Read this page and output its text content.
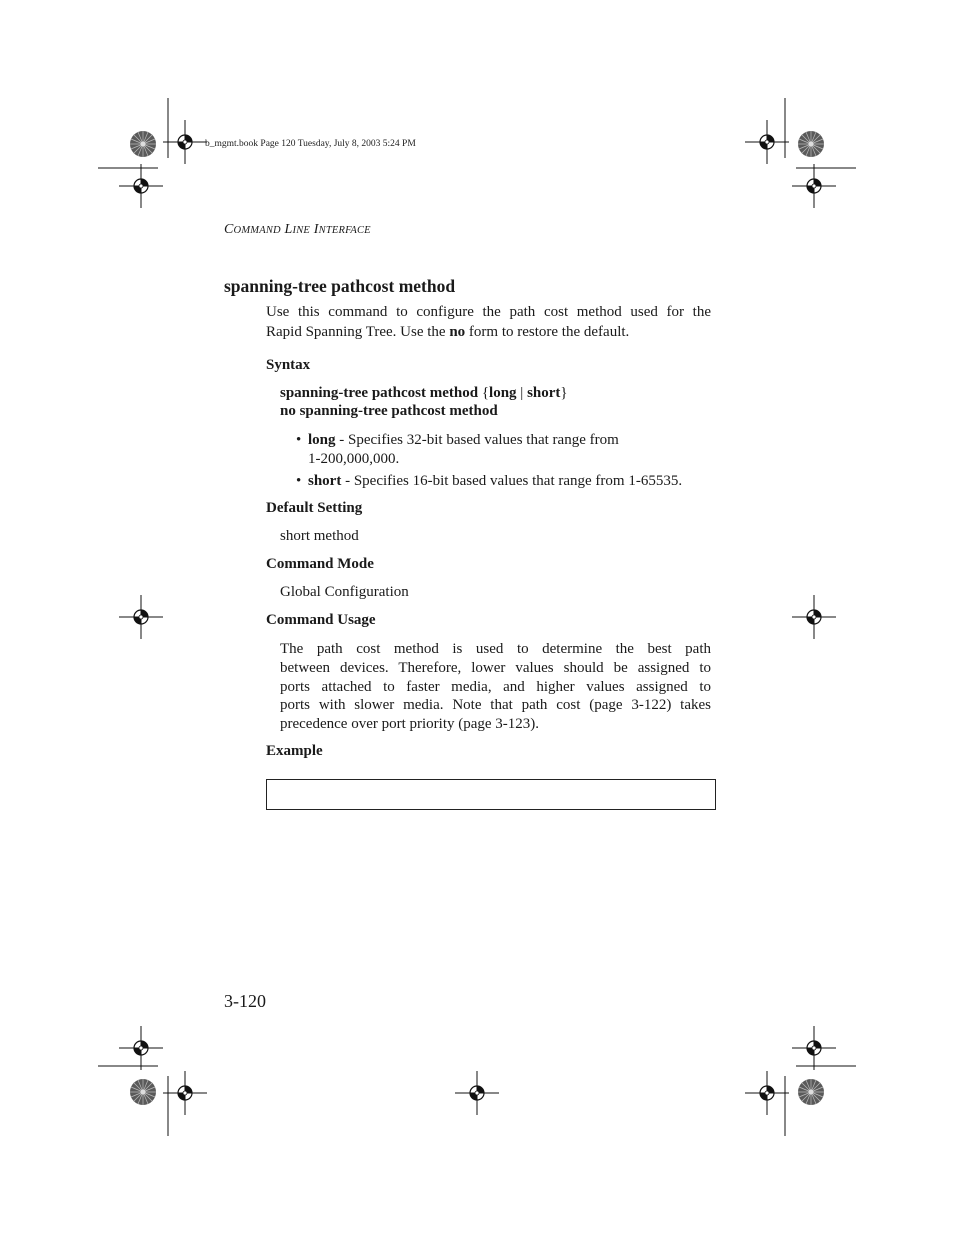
b_mgmt.book Page 120 Tuesday, July 8, 2003 5:24 PM
COMMAND LINE INTERFACE
spanning-tree pathcost method
Use this command to configure the path cost method used for the
Rapid Spanning Tree. Use the no form to restore the default.
Syntax
spanning-tree pathcost method {long | short}
no spanning-tree pathcost method
• long - Specifies 32-bit based values that range from
1-200,000,000.
• short - Specifies 16-bit based values that range from 1-65535.
Default Setting
short method
Command Mode
Global Configuration
Command Usage
The path cost method is used to determine the best path
between devices. Therefore, lower values should be assigned to
ports attached to faster media, and higher values assigned to
ports with slower media. Note that path cost (page 3-122) takes
precedence over port priority (page 3-123).
Example
3-120
